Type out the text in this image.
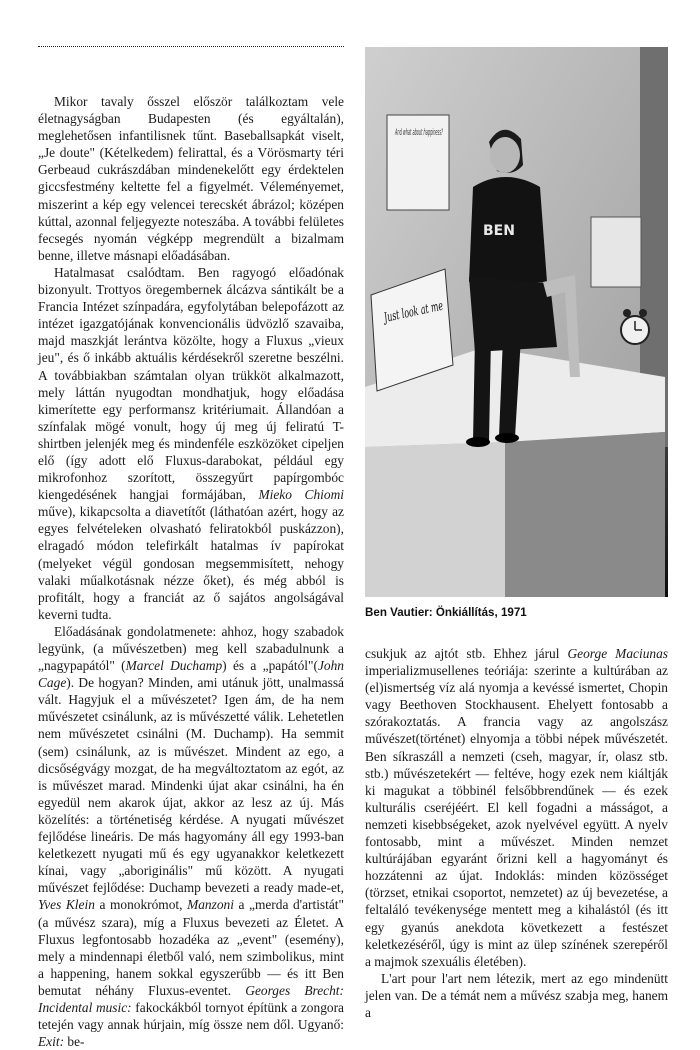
Mikor tavaly ősszel először találkoztam vele életnagyságban Budapesten (és egyáltalán), meglehetősen infantilisnek tűnt. Baseballsapkát viselt, „Je doute" (Kételkedem) felirattal, és a Vörösmarty téri Gerbeaud cukrászdában mindenekelőtt egy érdektelen giccsfestmény keltette fel a figyelmét. Véleményemet, miszerint a kép egy velencei terecskét ábrázol; középen kúttal, azonnal feljegyezte noteszába. A további felületes fecsegés nyomán végképp megrendült a bizalmam benne, illetve másnapi előadásában.

Hatalmasat csalódtam. Ben ragyogó előadónak bizonyult. Trottyos öregembernek álcázva sántikált be a Francia Intézet színpadára, egyfolytában belepofázott az intézet igazgatójának konvencionális üdvözlő szavaiba, majd maszkját lerántva közölte, hogy a Fluxus „vieux jeu", és ő inkább aktuális kérdésekről szeretne beszélni. A továbbiakban számtalan olyan trükköt alkalmazott, mely láttán nyugodtan mondhatjuk, hogy előadása kimerítette egy performansz kritériumait. Állandóan a színfalak mögé vonult, hogy új meg új feliratú T-shirtben jelenjék meg és mindenféle eszközöket cipeljen elő (így adott elő Fluxus-darabokat, például egy mikrofonhoz szorított, összegyűrt papírgombóc kiengedésének hangjai formájában, Mieko Chiomi műve), kikapcsolta a diavetítőt (láthatóan azért, hogy az egyes felvételeken olvasható feliratokból puskázzon), elragadó módon telefirkált hatalmas ív papírokat (melyeket végül gondosan megsemmisített, nehogy valaki műalkotásnak nézze őket), és még abból is profitált, hogy a franciát az ő sajátos angolságával keverni tudta.

Előadásának gondolatmenete: ahhoz, hogy szabadok legyünk, (a művészetben) meg kell szabadulnunk a „nagypapától" (Marcel Duchamp) és a „papától"(John Cage). De hogyan? Minden, ami utánuk jött, unalmassá vált. Hagyjuk el a művészetet? Igen ám, de ha nem művészetet csinálunk, az is művészetté válik. Lehetetlen nem művészetet csinálni (M. Duchamp). Ha semmit (sem) csinálunk, az is művészet. Mindent az ego, a dicsőségvágy mozgat, de ha megváltoztatom az egót, az is művészet marad. Mindenki újat akar csinálni, ha én egyedül nem akarok újat, akkor az lesz az új. Más közelítés: a történetiség kérdése. A nyugati művészet fejlődése lineáris. De más hagyomány áll egy 1993-ban keletkezett nyugati mű és egy ugyanakkor keletkezett kínai, vagy „aboriginális" mű között. A nyugati művészet fejlődése: Duchamp bevezeti a ready made-et, Yves Klein a monokrómot, Manzoni a „merda d'artistát" (a művész szara), míg a Fluxus bevezeti az Életet. A Fluxus legfontosabb hozadéka az „event" (esemény), mely a mindennapi életből való, nem szimbolikus, mint a happening, hanem sokkal egyszerűbb — és itt Ben bemutat néhány Fluxus-eventet. Georges Brecht: Incidental music: fakockákból tornyot építünk a zongora tetején vagy annak húrjain, míg össze nem dől. Ugyanő: Exit: be-

And what about happiness?
BEN
Just look at me
Ben Vautier: Önkiállítás, 1971

csukjuk az ajtót stb. Ehhez járul George Maciunas imperializmusellenes teóriája: szerinte a kultúrában az (el)ismertség víz alá nyomja a kevéssé ismertet, Chopin vagy Beethoven Stockhausent. Ehelyett fontosabb a szórakoztatás. A francia vagy az angolszász művészet(történet) elnyomja a többi népek művészetét. Ben síkraszáll a nemzeti (cseh, magyar, ír, olasz stb. stb.) művészetekért — feltéve, hogy ezek nem kiáltják ki magukat a többinél felsőbbrendűnek — és ezek kulturális cseréjéért. El kell fogadni a másságot, a nemzeti kisebbségeket, azok nyelvével együtt. A nyelv fontosabb, mint a művészet. Minden nemzet kultúrájában egyaránt őrizni kell a hagyományt és hozzátenni az újat. Indoklás: minden közösséget (törzset, etnikai csoportot, nemzetet) az új bevezetése, a feltaláló tevékenysége mentett meg a kihalástól (és itt egy gyanús anekdota következett a festészet keletkezéséről, úgy is mint az ülep színének szerepéről a majmok szexuális életében).

L'art pour l'art nem létezik, mert az ego mindenütt jelen van. De a témát nem a művész szabja meg, hanem a
